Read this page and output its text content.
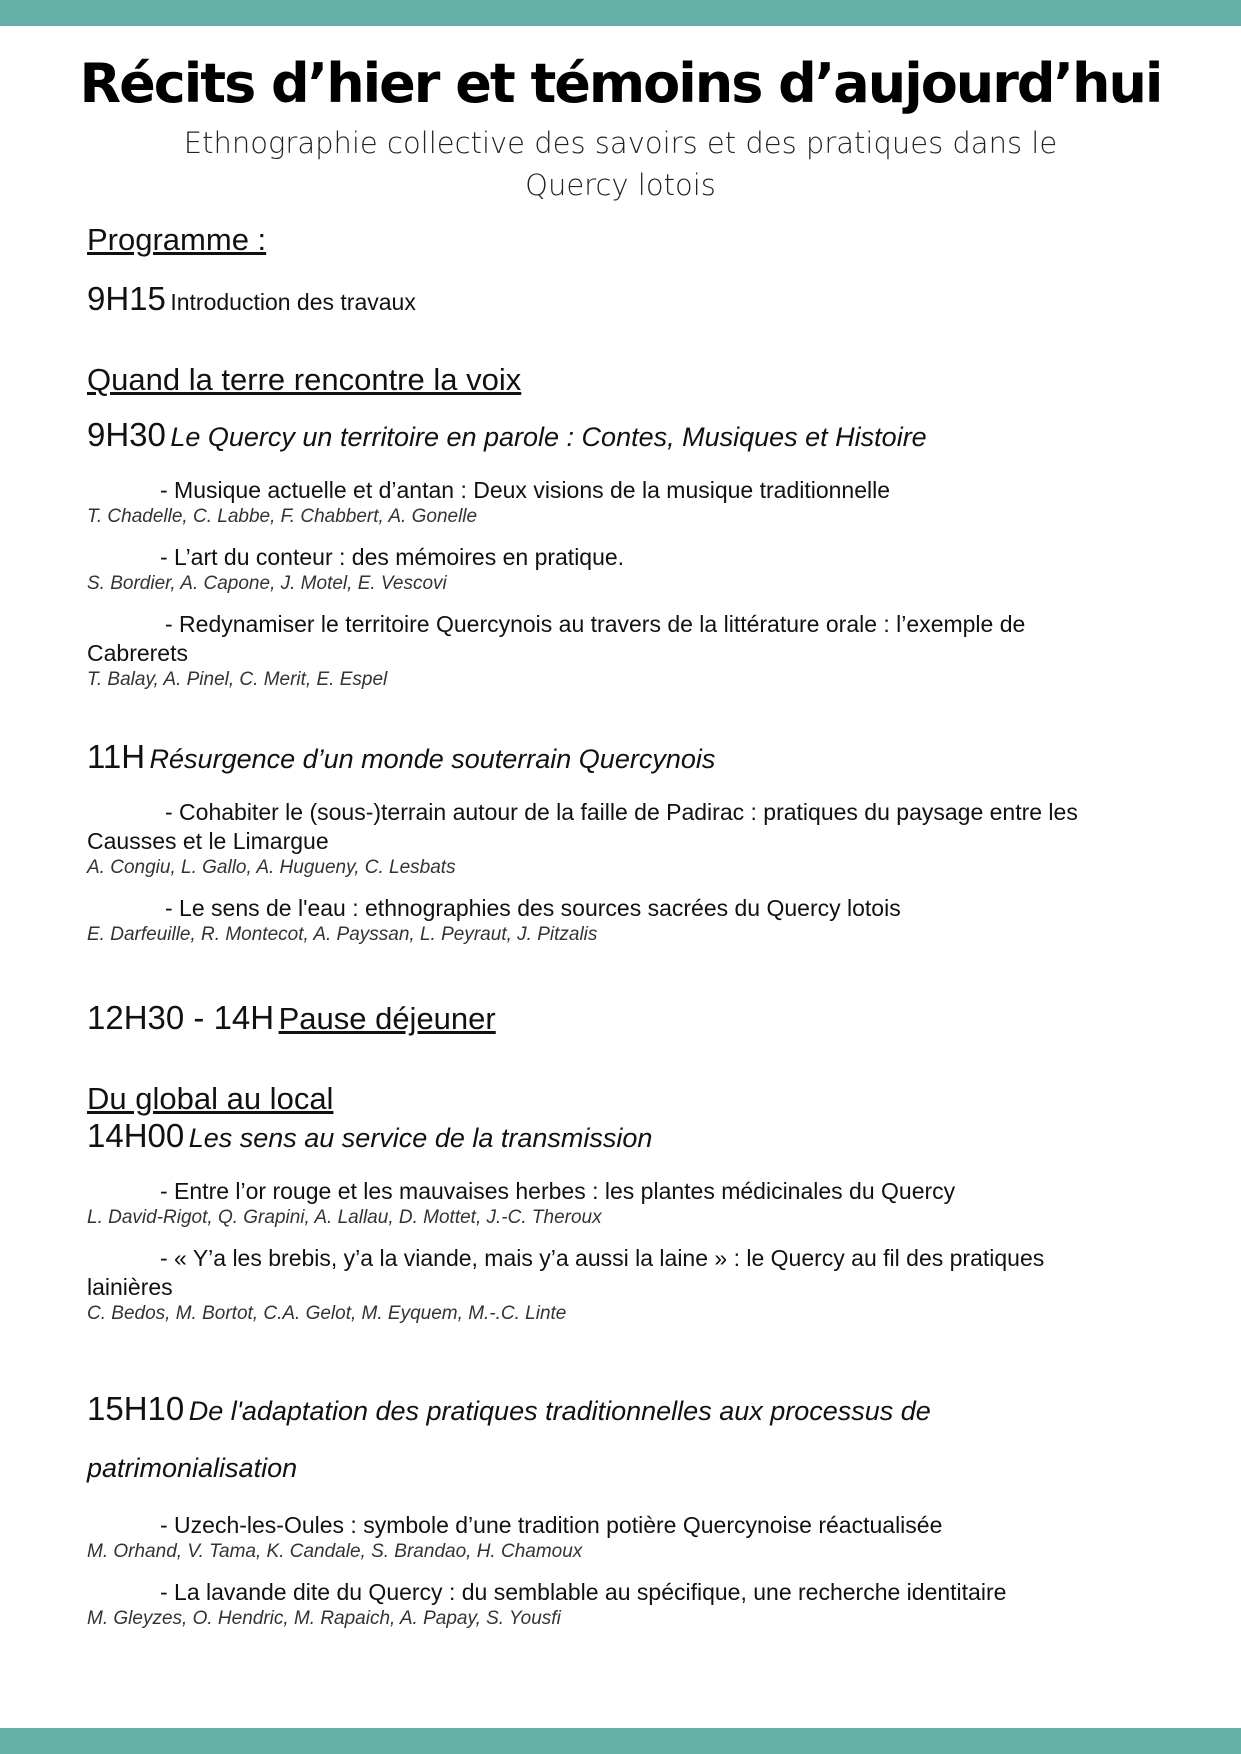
Récits d’hier et témoins d’aujourd’hui

Ethnographie collective des savoirs et des pratiques dans le Quercy lotois

Programme :
9H15 Introduction des travaux
Quand la terre rencontre la voix
9H30 Le Quercy un territoire en parole : Contes, Musiques et Histoire

- Musique actuelle et d’antan : Deux visions de la musique traditionnelle

T. Chadelle, C. Labbe, F. Chabbert, A. Gonelle

- L’art du conteur : des mémoires en pratique.

S. Bordier, A. Capone, J. Motel, E. Vescovi

- Redynamiser le territoire Quercynois au travers de la littérature orale : l’exemple de Cabrerets

T. Balay, A. Pinel, C. Merit, E. Espel

11H Résurgence d’un monde souterrain Quercynois

- Cohabiter le (sous-)terrain autour de la faille de Padirac : pratiques du paysage entre les Causses et le Limargue

A. Congiu, L. Gallo, A. Hugueny, C. Lesbats

- Le sens de l'eau : ethnographies des sources sacrées du Quercy lotois

E. Darfeuille, R. Montecot, A. Payssan, L. Peyraut, J. Pitzalis

12H30 - 14H Pause déjeuner
Du global au local
14H00 Les sens au service de la transmission

- Entre l’or rouge et les mauvaises herbes : les plantes médicinales du Quercy

L. David-Rigot, Q. Grapini, A. Lallau, D. Mottet, J.-C. Theroux

- « Y’a les brebis, y’a la viande, mais y’a aussi la laine » : le Quercy au fil des pratiques lainières

C. Bedos, M. Bortot, C.A. Gelot, M. Eyquem, M.-.C. Linte

15H10 De l'adaptation des pratiques traditionnelles aux processus de patrimonialisation

- Uzech-les-Oules : symbole d’une tradition potière Quercynoise réactualisée

M. Orhand, V. Tama, K. Candale, S. Brandao, H. Chamoux

- La lavande dite du Quercy : du semblable au spécifique, une recherche identitaire

M. Gleyzes, O. Hendric, M. Rapaich, A. Papay, S. Yousfi
